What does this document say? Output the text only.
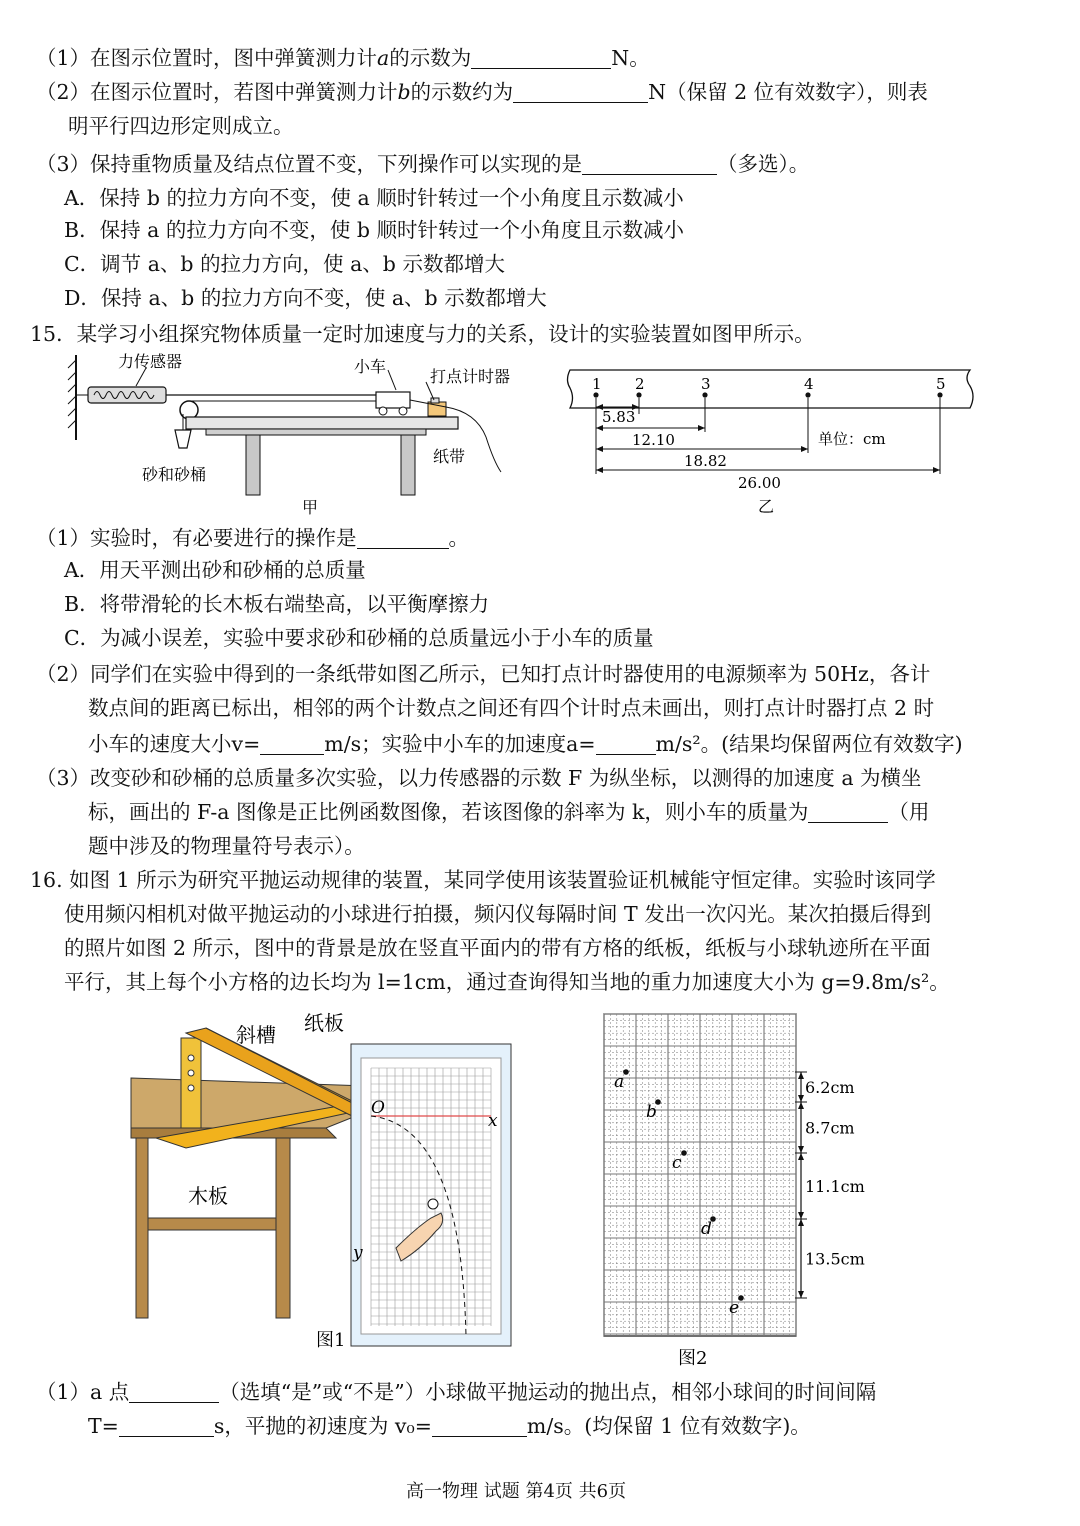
（1）在图示位置时，图中弹簧测力计a的示数为	N。
（2）在图示位置时，若图中弹簧测力计b的示数约为	N（保留 2 位有效数字），则表
明平行四边形定则成立。
（3）保持重物质量及结点位置不变，下列操作可以实现的是	（多选）。
A．保持 b 的拉力方向不变，使 a 顺时针转过一个小角度且示数减小
B．保持 a 的拉力方向不变，使 b 顺时针转过一个小角度且示数减小
C．调节 a、b 的拉力方向，使 a、b 示数都增大
D．保持 a、b 的拉力方向不变，使 a、b 示数都增大
15．某学习小组探究物体质量一定时加速度与力的关系，设计的实验装置如图甲所示。
力传感器	小车
打点计时器
砂和砂桶
纸带
甲
1 2	3	4	5
5.83
12.10
18.82
26.00
单位：cm
乙
（1）实验时，有必要进行的操作是	。
A．用天平测出砂和砂桶的总质量
B．将带滑轮的长木板右端垫高，以平衡摩擦力
C．为减小误差，实验中要求砂和砂桶的总质量远小于小车的质量
（2）同学们在实验中得到的一条纸带如图乙所示，已知打点计时器使用的电源频率为 50Hz，各计
数点间的距离已标出，相邻的两个计数点之间还有四个计时点未画出，则打点计时器打点 2 时
小车的速度大小v=	m/s；实验中小车的加速度a=	m/s²。(结果均保留两位有效数字)
（3）改变砂和砂桶的总质量多次实验，以力传感器的示数 F 为纵坐标，以测得的加速度 a 为横坐
标，画出的 F-a 图像是正比例函数图像，若该图像的斜率为 k，则小车的质量为	（用
题中涉及的物理量符号表示）。
16. 如图 1 所示为研究平抛运动规律的装置，某同学使用该装置验证机械能守恒定律。实验时该同学
使用频闪相机对做平抛运动的小球进行拍摄，频闪仪每隔时间 T 发出一次闪光。某次拍摄后得到
的照片如图 2 所示，图中的背景是放在竖直平面内的带有方格的纸板，纸板与小球轨迹所在平面
平行，其上每个小方格的边长均为 l=1cm，通过查询得知当地的重力加速度大小为 g=9.8m/s²。
O
x
y
斜槽 纸板
木板
图1
a
b
c
d
e
6.2cm
8.7cm
11.1cm
13.5cm
图2
（1）a 点	（选填“是”或“不是”）小球做平抛运动的抛出点，相邻小球间的时间间隔
T=	s，平抛的初速度为 v₀=	m/s。(均保留 1 位有效数字)。
高一物理 试题 第4页 共6页
